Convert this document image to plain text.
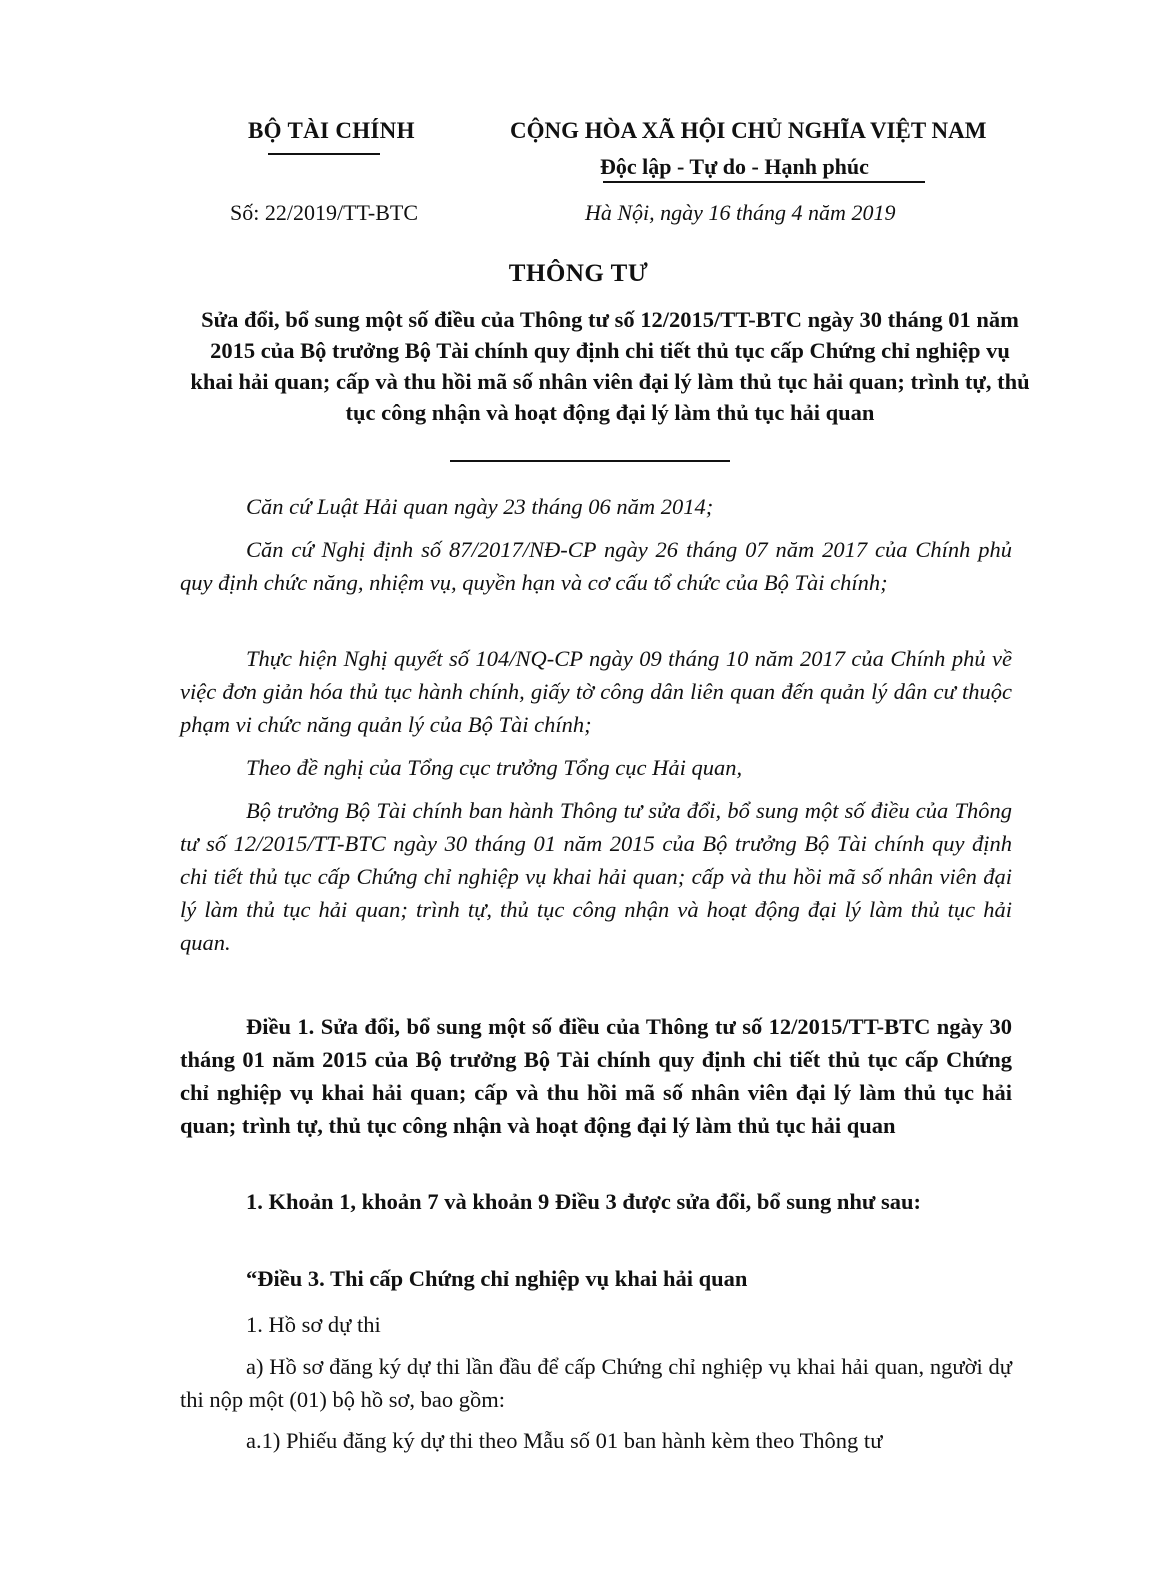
BỘ TÀI CHÍNH	CỘNG HÒA XÃ HỘI CHỦ NGHĨA VIỆT NAM
Độc lập - Tự do - Hạnh phúc
Số: 22/2019/TT-BTC	Hà Nội, ngày 16 tháng 4 năm 2019
THÔNG TƯ
Sửa đổi, bổ sung một số điều của Thông tư số 12/2015/TT-BTC ngày 30 tháng 01 năm 2015 của Bộ trưởng Bộ Tài chính quy định chi tiết thủ tục cấp Chứng chỉ nghiệp vụ khai hải quan; cấp và thu hồi mã số nhân viên đại lý làm thủ tục hải quan; trình tự, thủ tục công nhận và hoạt động đại lý làm thủ tục hải quan
Căn cứ Luật Hải quan ngày 23 tháng 06 năm 2014;
Căn cứ Nghị định số 87/2017/NĐ-CP ngày 26 tháng 07 năm 2017 của Chính phủ quy định chức năng, nhiệm vụ, quyền hạn và cơ cấu tổ chức của Bộ Tài chính;
Thực hiện Nghị quyết số 104/NQ-CP ngày 09 tháng 10 năm 2017 của Chính phủ về việc đơn giản hóa thủ tục hành chính, giấy tờ công dân liên quan đến quản lý dân cư thuộc phạm vi chức năng quản lý của Bộ Tài chính;
Theo đề nghị của Tổng cục trưởng Tổng cục Hải quan,
Bộ trưởng Bộ Tài chính ban hành Thông tư sửa đổi, bổ sung một số điều của Thông tư số 12/2015/TT-BTC ngày 30 tháng 01 năm 2015 của Bộ trưởng Bộ Tài chính quy định chi tiết thủ tục cấp Chứng chỉ nghiệp vụ khai hải quan; cấp và thu hồi mã số nhân viên đại lý làm thủ tục hải quan; trình tự, thủ tục công nhận và hoạt động đại lý làm thủ tục hải quan.
Điều 1. Sửa đổi, bổ sung một số điều của Thông tư số 12/2015/TT-BTC ngày 30 tháng 01 năm 2015 của Bộ trưởng Bộ Tài chính quy định chi tiết thủ tục cấp Chứng chỉ nghiệp vụ khai hải quan; cấp và thu hồi mã số nhân viên đại lý làm thủ tục hải quan; trình tự, thủ tục công nhận và hoạt động đại lý làm thủ tục hải quan
1. Khoản 1, khoản 7 và khoản 9 Điều 3 được sửa đổi, bổ sung như sau:
“Điều 3. Thi cấp Chứng chỉ nghiệp vụ khai hải quan
1. Hồ sơ dự thi
a) Hồ sơ đăng ký dự thi lần đầu để cấp Chứng chỉ nghiệp vụ khai hải quan, người dự thi nộp một (01) bộ hồ sơ, bao gồm:
a.1) Phiếu đăng ký dự thi theo Mẫu số 01 ban hành kèm theo Thông tư
